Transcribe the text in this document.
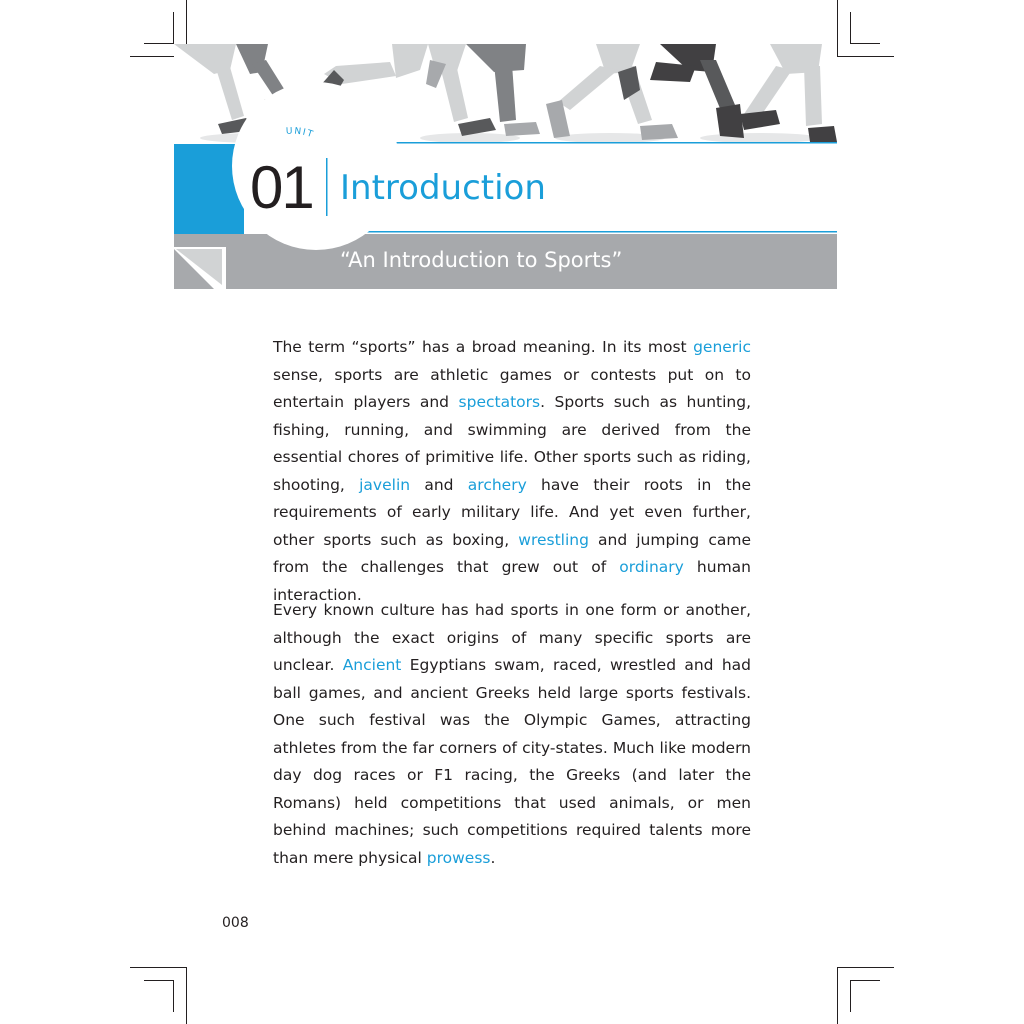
UNIT
01 Introduction
“An Introduction to Sports”

The term “sports” has a broad meaning. In its most generic sense, sports are athletic games or contests put on to entertain players and spectators. Sports such as hunting, fishing, running, and swimming are derived from the essential chores of primitive life. Other sports such as riding, shooting, javelin and archery have their roots in the requirements of early military life. And yet even further, other sports such as boxing, wrestling and jumping came from the challenges that grew out of ordinary human interaction.

Every known culture has had sports in one form or another, although the exact origins of many specific sports are unclear. Ancient Egyptians swam, raced, wrestled and had ball games, and ancient Greeks held large sports festivals. One such festival was the Olympic Games, attracting athletes from the far corners of city-states. Much like modern day dog races or F1 racing, the Greeks (and later the Romans) held competitions that used animals, or men behind machines; such competitions required talents more than mere physical prowess.

008
